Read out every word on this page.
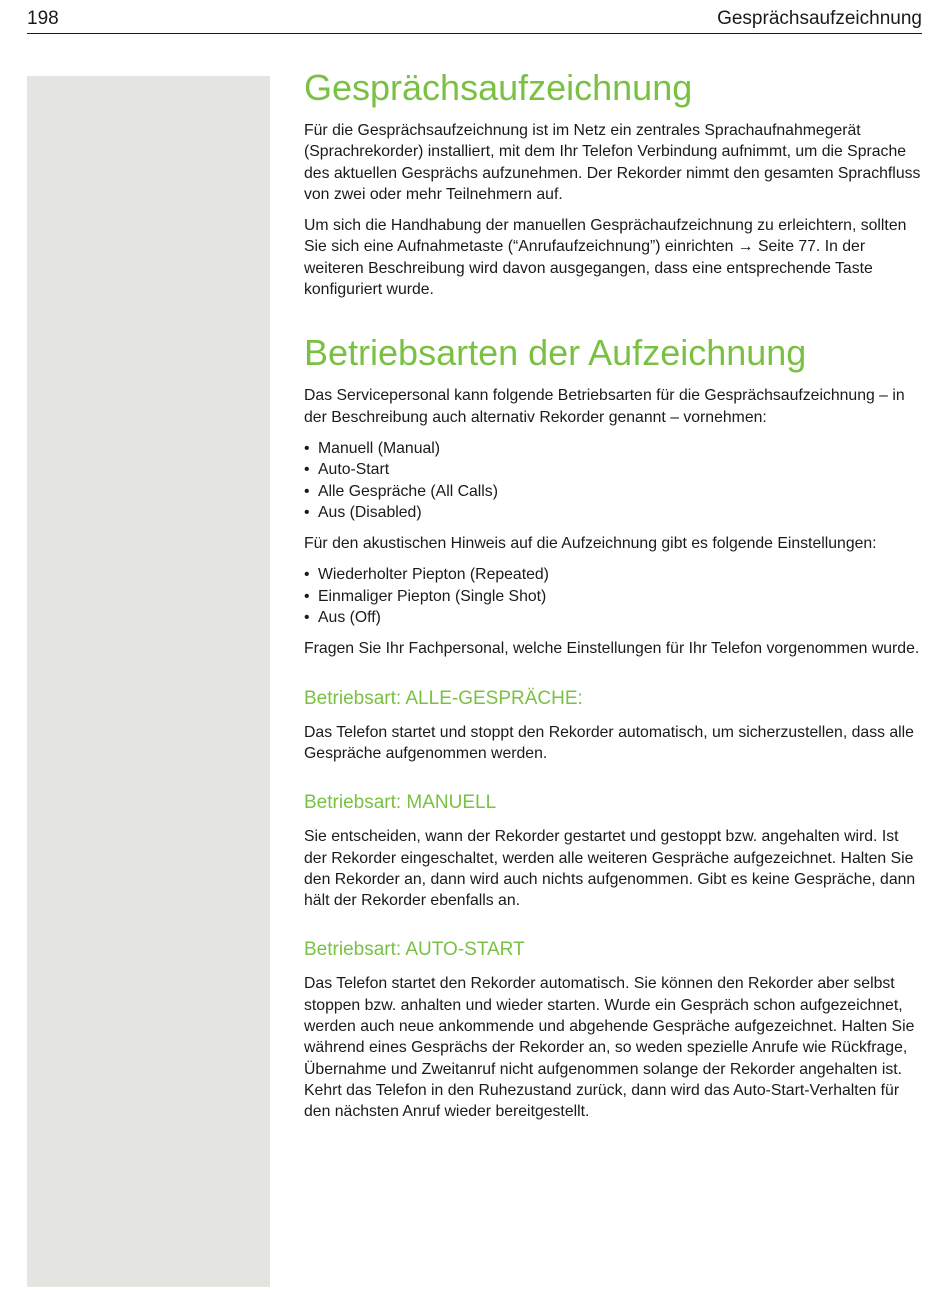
198	Gesprächsaufzeichnung
Gesprächsaufzeichnung

Für die Gesprächsaufzeichnung ist im Netz ein zentrales Sprachaufnahmegerät (Sprachrekorder) installiert, mit dem Ihr Telefon Verbindung aufnimmt, um die Sprache des aktuellen Gesprächs aufzunehmen. Der Rekorder nimmt den gesamten Sprachfluss von zwei oder mehr Teilnehmern auf.

Um sich die Handhabung der manuellen Gesprächaufzeichnung zu erleichtern, sollten Sie sich eine Aufnahmetaste (“Anrufaufzeichnung”) einrichten → Seite 77. In der weiteren Beschreibung wird davon ausgegangen, dass eine entsprechende Taste konfiguriert wurde.

Betriebsarten der Aufzeichnung

Das Servicepersonal kann folgende Betriebsarten für die Gesprächsaufzeichnung – in der Beschreibung auch alternativ Rekorder genannt – vornehmen:

• Manuell (Manual)
• Auto-Start
• Alle Gespräche (All Calls)
• Aus (Disabled)

Für den akustischen Hinweis auf die Aufzeichnung gibt es folgende Einstellungen:

• Wiederholter Piepton (Repeated)
• Einmaliger Piepton (Single Shot)
• Aus (Off)

Fragen Sie Ihr Fachpersonal, welche Einstellungen für Ihr Telefon vorgenommen wurde.

Betriebsart: ALLE-GESPRÄCHE:

Das Telefon startet und stoppt den Rekorder automatisch, um sicherzustellen, dass alle Gespräche aufgenommen werden.

Betriebsart: MANUELL

Sie entscheiden, wann der Rekorder gestartet und gestoppt bzw. angehalten wird. Ist der Rekorder eingeschaltet, werden alle weiteren Gespräche aufgezeichnet. Halten Sie den Rekorder an, dann wird auch nichts aufgenommen. Gibt es keine Gespräche, dann hält der Rekorder ebenfalls an.

Betriebsart: AUTO-START

Das Telefon startet den Rekorder automatisch. Sie können den Rekorder aber selbst stoppen bzw. anhalten und wieder starten. Wurde ein Gespräch schon aufgezeichnet, werden auch neue ankommende und abgehende Gespräche aufgezeichnet. Halten Sie während eines Gesprächs der Rekorder an, so weden spezielle Anrufe wie Rückfrage, Übernahme und Zweitanruf nicht aufgenommen solange der Rekorder angehalten ist. Kehrt das Telefon in den Ruhezustand zurück, dann wird das Auto-Start-Verhalten für den nächsten Anruf wieder bereitgestellt.
